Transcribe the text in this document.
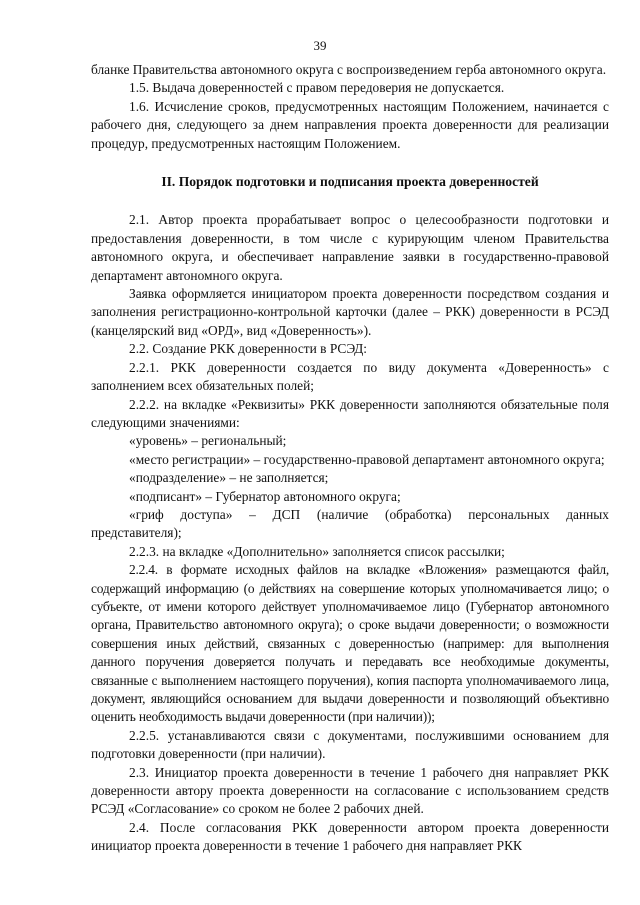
39

бланке Правительства автономного округа с воспроизведением герба автономного округа.

1.5. Выдача доверенностей с правом передоверия не допускается.

1.6. Исчисление сроков, предусмотренных настоящим Положением, начинается с рабочего дня, следующего за днем направления проекта доверенности для реализации процедур, предусмотренных настоящим Положением.

II. Порядок подготовки и подписания проекта доверенностей

2.1. Автор проекта прорабатывает вопрос о целесообразности подготовки и предоставления доверенности, в том числе с курирующим членом Правительства автономного округа, и обеспечивает направление заявки в государственно-правовой департамент автономного округа.

Заявка оформляется инициатором проекта доверенности посредством создания и заполнения регистрационно-контрольной карточки (далее – РКК) доверенности в РСЭД (канцелярский вид «ОРД», вид «Доверенность»).

2.2. Создание РКК доверенности в РСЭД:

2.2.1. РКК доверенности создается по виду документа «Доверенность» с заполнением всех обязательных полей;

2.2.2. на вкладке «Реквизиты» РКК доверенности заполняются обязательные поля следующими значениями:

«уровень» – региональный;

«место регистрации» – государственно-правовой департамент автономного округа;

«подразделение» – не заполняется;

«подписант» – Губернатор автономного округа;

«гриф доступа» – ДСП (наличие (обработка) персональных данных представителя);

2.2.3. на вкладке «Дополнительно» заполняется список рассылки;

2.2.4. в формате исходных файлов на вкладке «Вложения» размещаются файл, содержащий информацию (о действиях на совершение которых уполномачивается лицо; о субъекте, от имени которого действует уполномачиваемое лицо (Губернатор автономного органа, Правительство автономного округа); о сроке выдачи доверенности; о возможности совершения иных действий, связанных с доверенностью (например: для выполнения данного поручения доверяется получать и передавать все необходимые документы, связанные с выполнением настоящего поручения), копия паспорта уполномачиваемого лица, документ, являющийся основанием для выдачи доверенности и позволяющий объективно оценить необходимость выдачи доверенности (при наличии));

2.2.5. устанавливаются связи с документами, послужившими основанием для подготовки доверенности (при наличии).

2.3. Инициатор проекта доверенности в течение 1 рабочего дня направляет РКК доверенности автору проекта доверенности на согласование с использованием средств РСЭД «Согласование» со сроком не более 2 рабочих дней.

2.4. После согласования РКК доверенности автором проекта доверенности инициатор проекта доверенности в течение 1 рабочего дня направляет РКК
